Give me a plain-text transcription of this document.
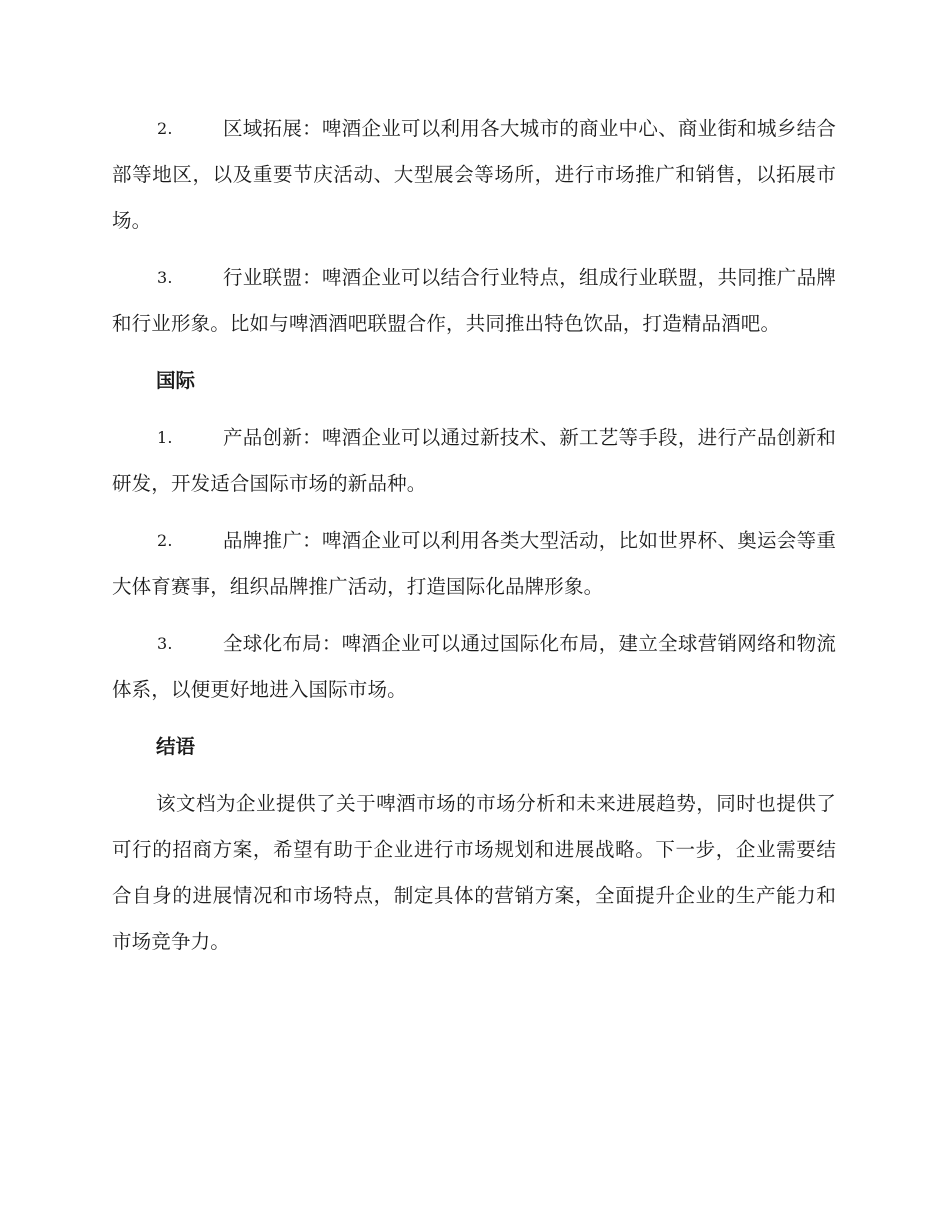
2.	区域拓展：啤酒企业可以利用各大城市的商业中心、商业街和城乡结合部等地区，以及重要节庆活动、大型展会等场所，进行市场推广和销售，以拓展市场。
3.	行业联盟：啤酒企业可以结合行业特点，组成行业联盟，共同推广品牌和行业形象。比如与啤酒酒吧联盟合作，共同推出特色饮品，打造精品酒吧。
国际
1.	产品创新：啤酒企业可以通过新技术、新工艺等手段，进行产品创新和研发，开发适合国际市场的新品种。
2.	品牌推广：啤酒企业可以利用各类大型活动，比如世界杯、奥运会等重大体育赛事，组织品牌推广活动，打造国际化品牌形象。
3.	全球化布局：啤酒企业可以通过国际化布局，建立全球营销网络和物流体系，以便更好地进入国际市场。
结语
该文档为企业提供了关于啤酒市场的市场分析和未来进展趋势，同时也提供了可行的招商方案，希望有助于企业进行市场规划和进展战略。下一步，企业需要结合自身的进展情况和市场特点，制定具体的营销方案，全面提升企业的生产能力和市场竞争力。
